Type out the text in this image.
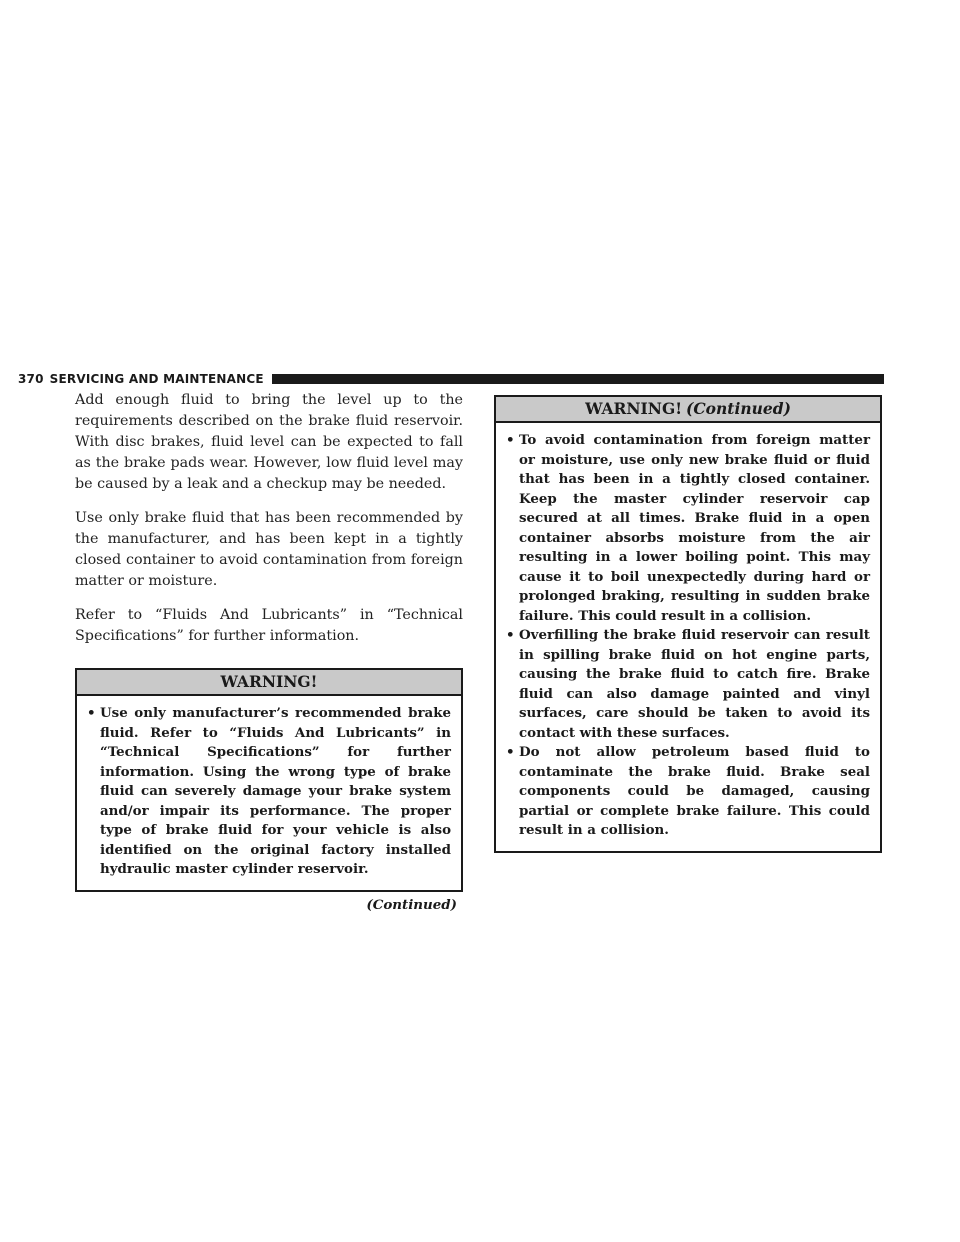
370 SERVICING AND MAINTENANCE

Add enough fluid to bring the level up to the requirements described on the brake fluid reservoir. With disc brakes, fluid level can be expected to fall as the brake pads wear. However, low fluid level may be caused by a leak and a checkup may be needed.

Use only brake fluid that has been recommended by the manufacturer, and has been kept in a tightly closed container to avoid contamination from foreign matter or moisture.

Refer to “Fluids And Lubricants” in “Technical Specifications” for further information.

WARNING!
• Use only manufacturer’s recommended brake fluid. Refer to “Fluids And Lubricants” in “Technical Specifications” for further information. Using the wrong type of brake fluid can severely damage your brake system and/or impair its performance. The proper type of brake fluid for your vehicle is also identified on the original factory installed hydraulic master cylinder reservoir.
(Continued)
WARNING! (Continued)
• To avoid contamination from foreign matter or moisture, use only new brake fluid or fluid that has been in a tightly closed container. Keep the master cylinder reservoir cap secured at all times. Brake fluid in a open container absorbs moisture from the air resulting in a lower boiling point. This may cause it to boil unexpectedly during hard or prolonged braking, resulting in sudden brake failure. This could result in a collision.
• Overfilling the brake fluid reservoir can result in spilling brake fluid on hot engine parts, causing the brake fluid to catch fire. Brake fluid can also damage painted and vinyl surfaces, care should be taken to avoid its contact with these surfaces.
• Do not allow petroleum based fluid to contaminate the brake fluid. Brake seal components could be damaged, causing partial or complete brake failure. This could result in a collision.
